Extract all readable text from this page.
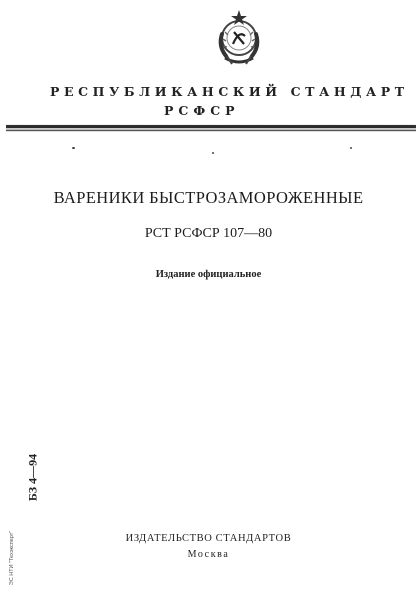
РЕСПУБЛИКАНСКИЙ СТАНДАРТ
РСФСР
ВАРЕНИКИ БЫСТРОЗАМОРОЖЕННЫЕ
РСТ РСФСР 107—80
Издание официальное
БЗ 4—94
ЭС НТИ "Техэксперт"	ИЗДАТЕЛЬСТВО СТАНДАРТОВ
Москва
